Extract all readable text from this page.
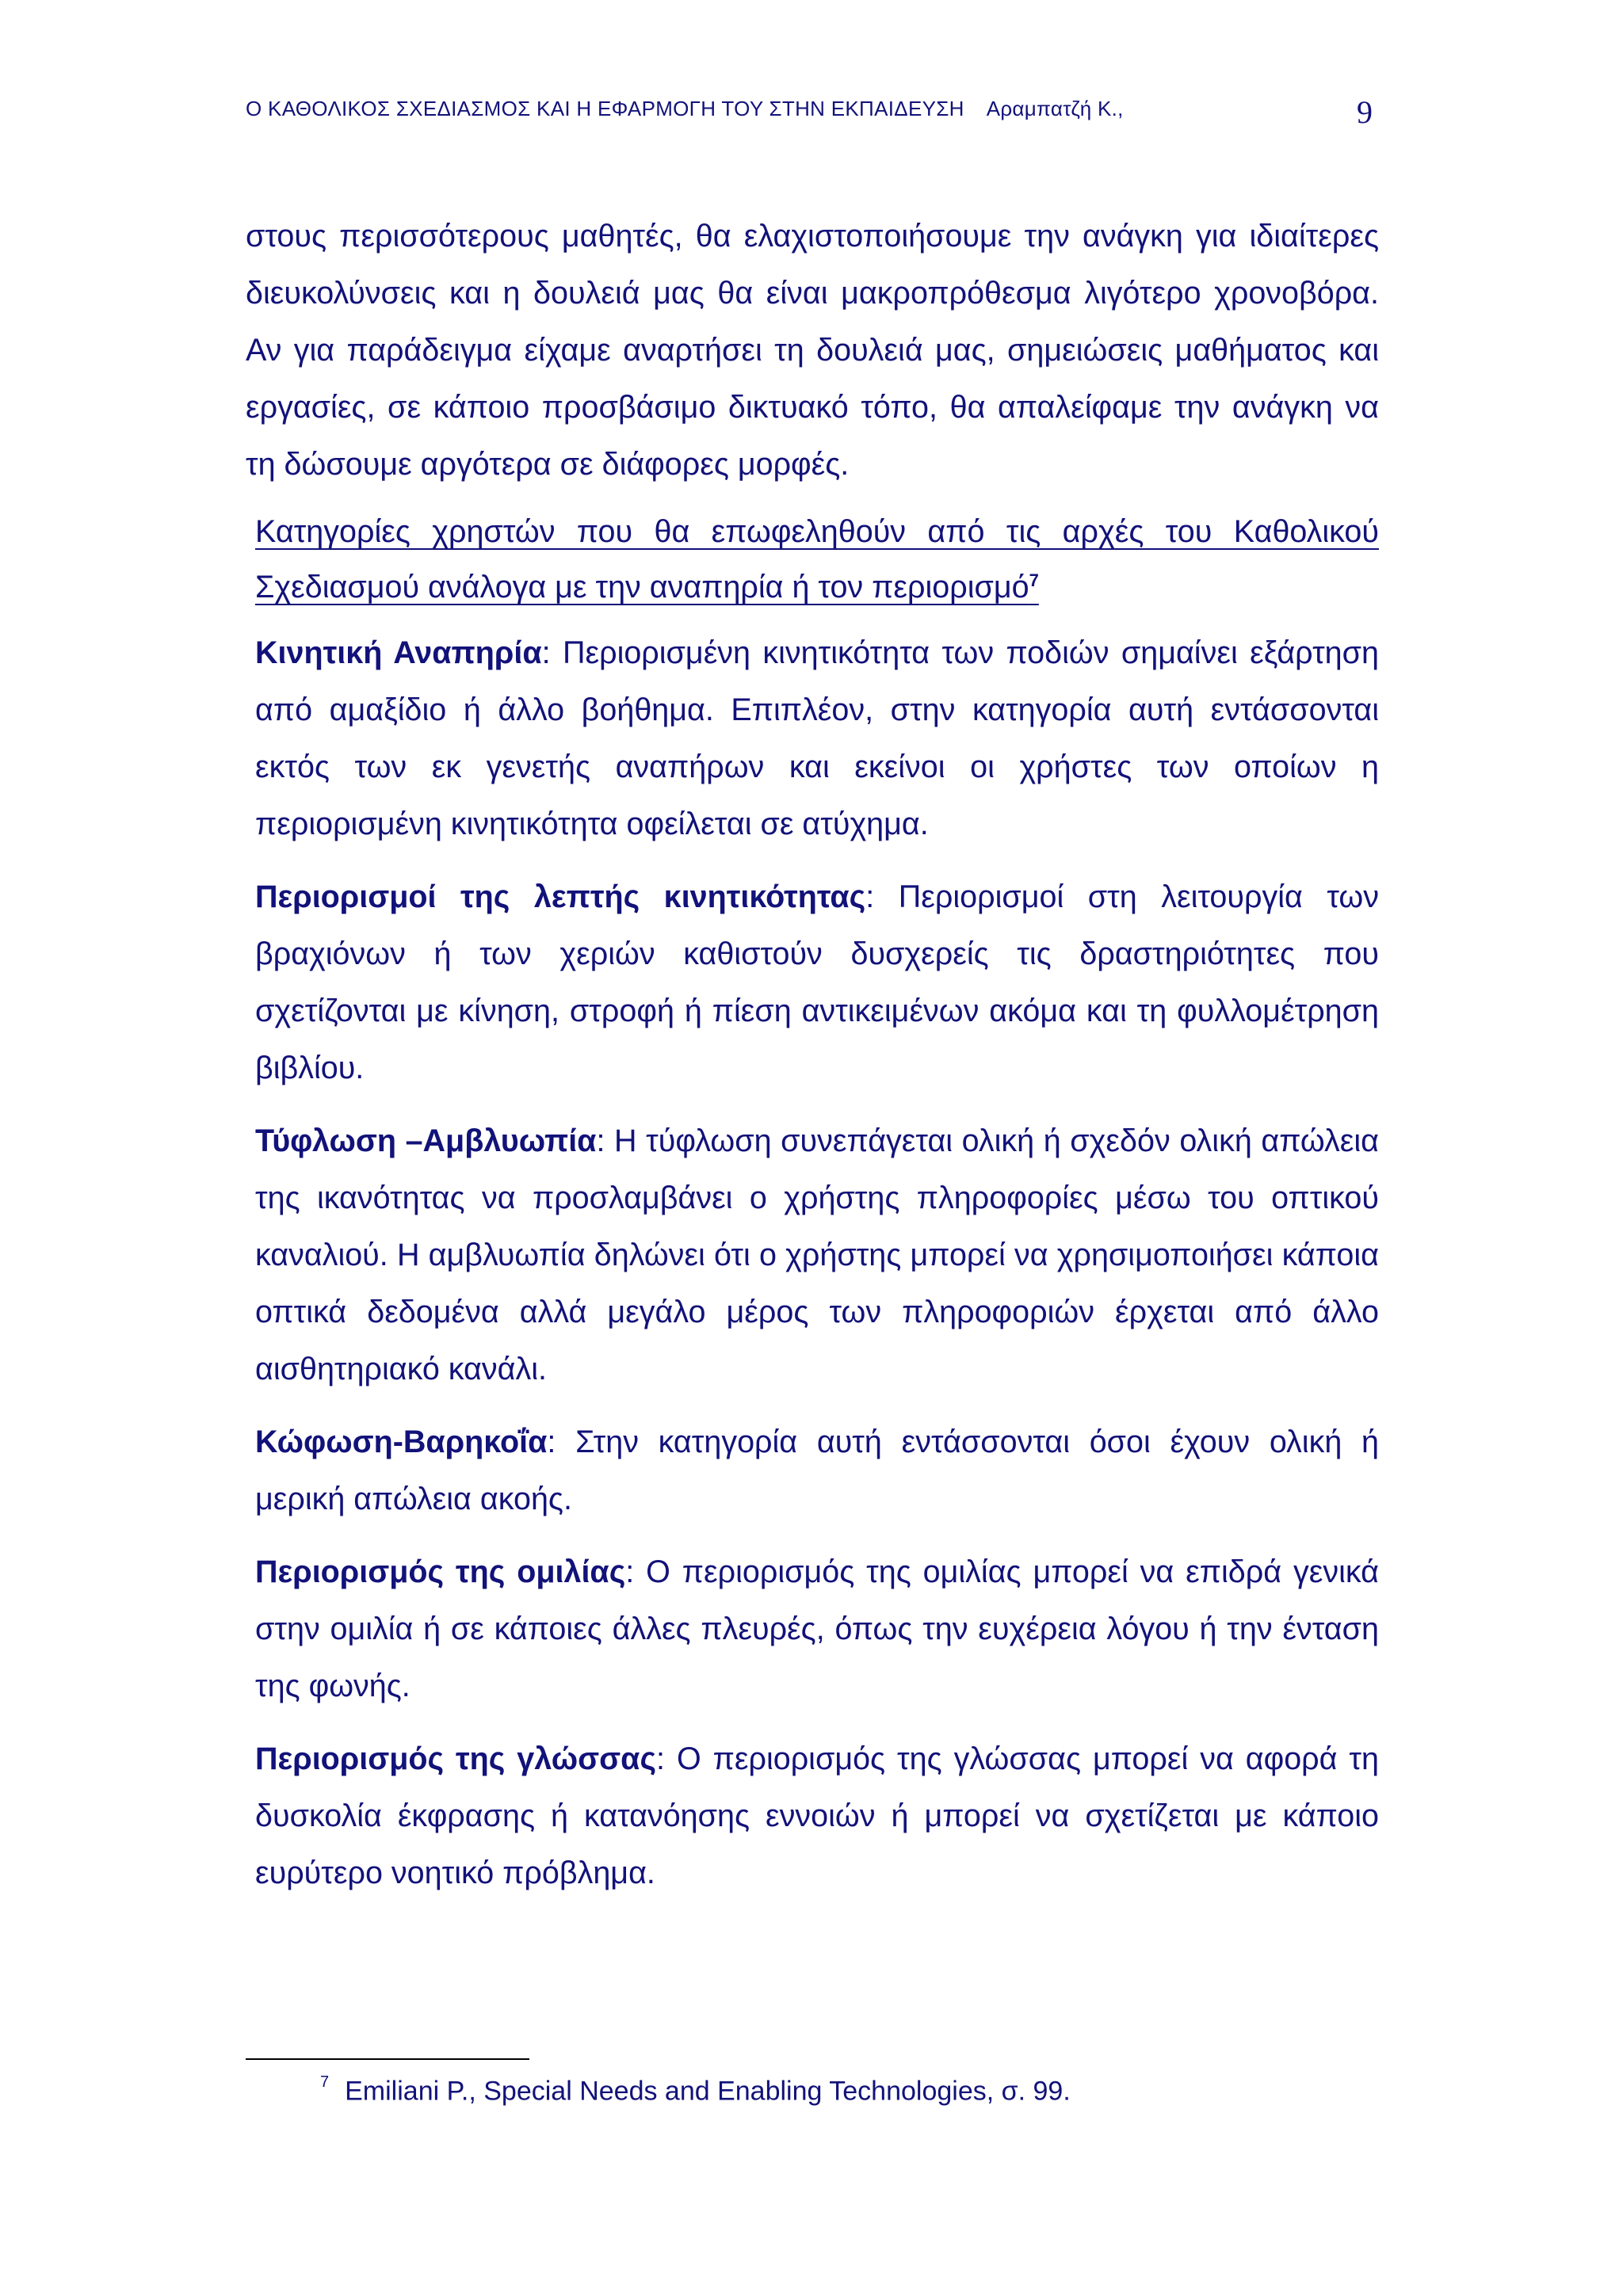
Ο ΚΑΘΟΛΙΚΟΣ ΣΧΕΔΙΑΣΜΟΣ ΚΑΙ Η ΕΦΑΡΜΟΓΗ ΤΟΥ ΣΤΗΝ ΕΚΠΑΙΔΕΥΣΗ Αραμπατζή Κ.,	9

στους περισσότερους μαθητές, θα ελαχιστοποιήσουμε την ανάγκη για ιδιαίτερες διευκολύνσεις και η δουλειά μας θα είναι μακροπρόθεσμα λιγότερο χρονοβόρα. Αν για παράδειγμα είχαμε αναρτήσει τη δουλειά μας, σημειώσεις μαθήματος και εργασίες, σε κάποιο προσβάσιμο δικτυακό τόπο, θα απαλείφαμε την ανάγκη να τη δώσουμε αργότερα σε διάφορες μορφές.

Κατηγορίες χρηστών που θα επωφεληθούν από τις αρχές του Καθολικού Σχεδιασμού ανάλογα με την αναπηρία ή τον περιορισμό$^7$

Κινητική Αναπηρία: Περιορισμένη κινητικότητα των ποδιών σημαίνει εξάρτηση από αμαξίδιο ή άλλο βοήθημα. Επιπλέον, στην κατηγορία αυτή εντάσσονται εκτός των εκ γενετής αναπήρων και εκείνοι οι χρήστες των οποίων η περιορισμένη κινητικότητα οφείλεται σε ατύχημα.

Περιορισμοί της λεπτής κινητικότητας: Περιορισμοί στη λειτουργία των βραχιόνων ή των χεριών καθιστούν δυσχερείς τις δραστηριότητες που σχετίζονται με κίνηση, στροφή ή πίεση αντικειμένων ακόμα και τη φυλλομέτρηση βιβλίου.

Τύφλωση –Αμβλυωπία: Η τύφλωση συνεπάγεται ολική ή σχεδόν ολική απώλεια της ικανότητας να προσλαμβάνει ο χρήστης πληροφορίες μέσω του οπτικού καναλιού. Η αμβλυωπία δηλώνει ότι ο χρήστης μπορεί να χρησιμοποιήσει κάποια οπτικά δεδομένα αλλά μεγάλο μέρος των πληροφοριών έρχεται από άλλο αισθητηριακό κανάλι.

Κώφωση-Βαρηκοΐα: Στην κατηγορία αυτή εντάσσονται όσοι έχουν ολική ή μερική απώλεια ακοής.

Περιορισμός της ομιλίας: Ο περιορισμός της ομιλίας μπορεί να επιδρά γενικά στην ομιλία ή σε κάποιες άλλες πλευρές, όπως την ευχέρεια λόγου ή την ένταση της φωνής.

Περιορισμός της γλώσσας: Ο περιορισμός της γλώσσας μπορεί να αφορά τη δυσκολία έκφρασης ή κατανόησης εννοιών ή μπορεί να σχετίζεται με κάποιο ευρύτερο νοητικό πρόβλημα.

$^7$ Emiliani P., Special Needs and Enabling Technologies, σ. 99.
